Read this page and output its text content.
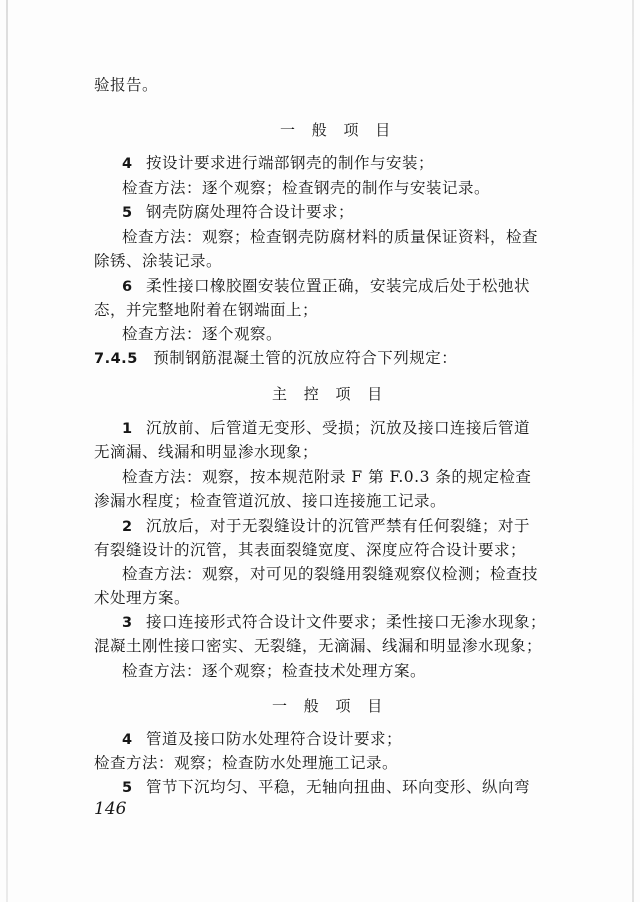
验报告。
一 般 项 目
4 按设计要求进行端部钢壳的制作与安装；
检查方法：逐个观察；检查钢壳的制作与安装记录。
5 钢壳防腐处理符合设计要求；
检查方法：观察；检查钢壳防腐材料的质量保证资料，检查
除锈、涂装记录。
6 柔性接口橡胶圈安装位置正确，安装完成后处于松弛状
态，并完整地附着在钢端面上；
检查方法：逐个观察。
7.4.5 预制钢筋混凝土管的沉放应符合下列规定：
主 控 项 目
1 沉放前、后管道无变形、受损；沉放及接口连接后管道
无滴漏、线漏和明显渗水现象；
检查方法：观察，按本规范附录 F 第 F.0.3 条的规定检查
渗漏水程度；检查管道沉放、接口连接施工记录。
2 沉放后，对于无裂缝设计的沉管严禁有任何裂缝；对于
有裂缝设计的沉管，其表面裂缝宽度、深度应符合设计要求；
检查方法：观察，对可见的裂缝用裂缝观察仪检测；检查技
术处理方案。
3 接口连接形式符合设计文件要求；柔性接口无渗水现象；
混凝土刚性接口密实、无裂缝，无滴漏、线漏和明显渗水现象；
检查方法：逐个观察；检查技术处理方案。
一 般 项 目
4 管道及接口防水处理符合设计要求；
检查方法：观察；检查防水处理施工记录。
5 管节下沉均匀、平稳，无轴向扭曲、环向变形、纵向弯
146
